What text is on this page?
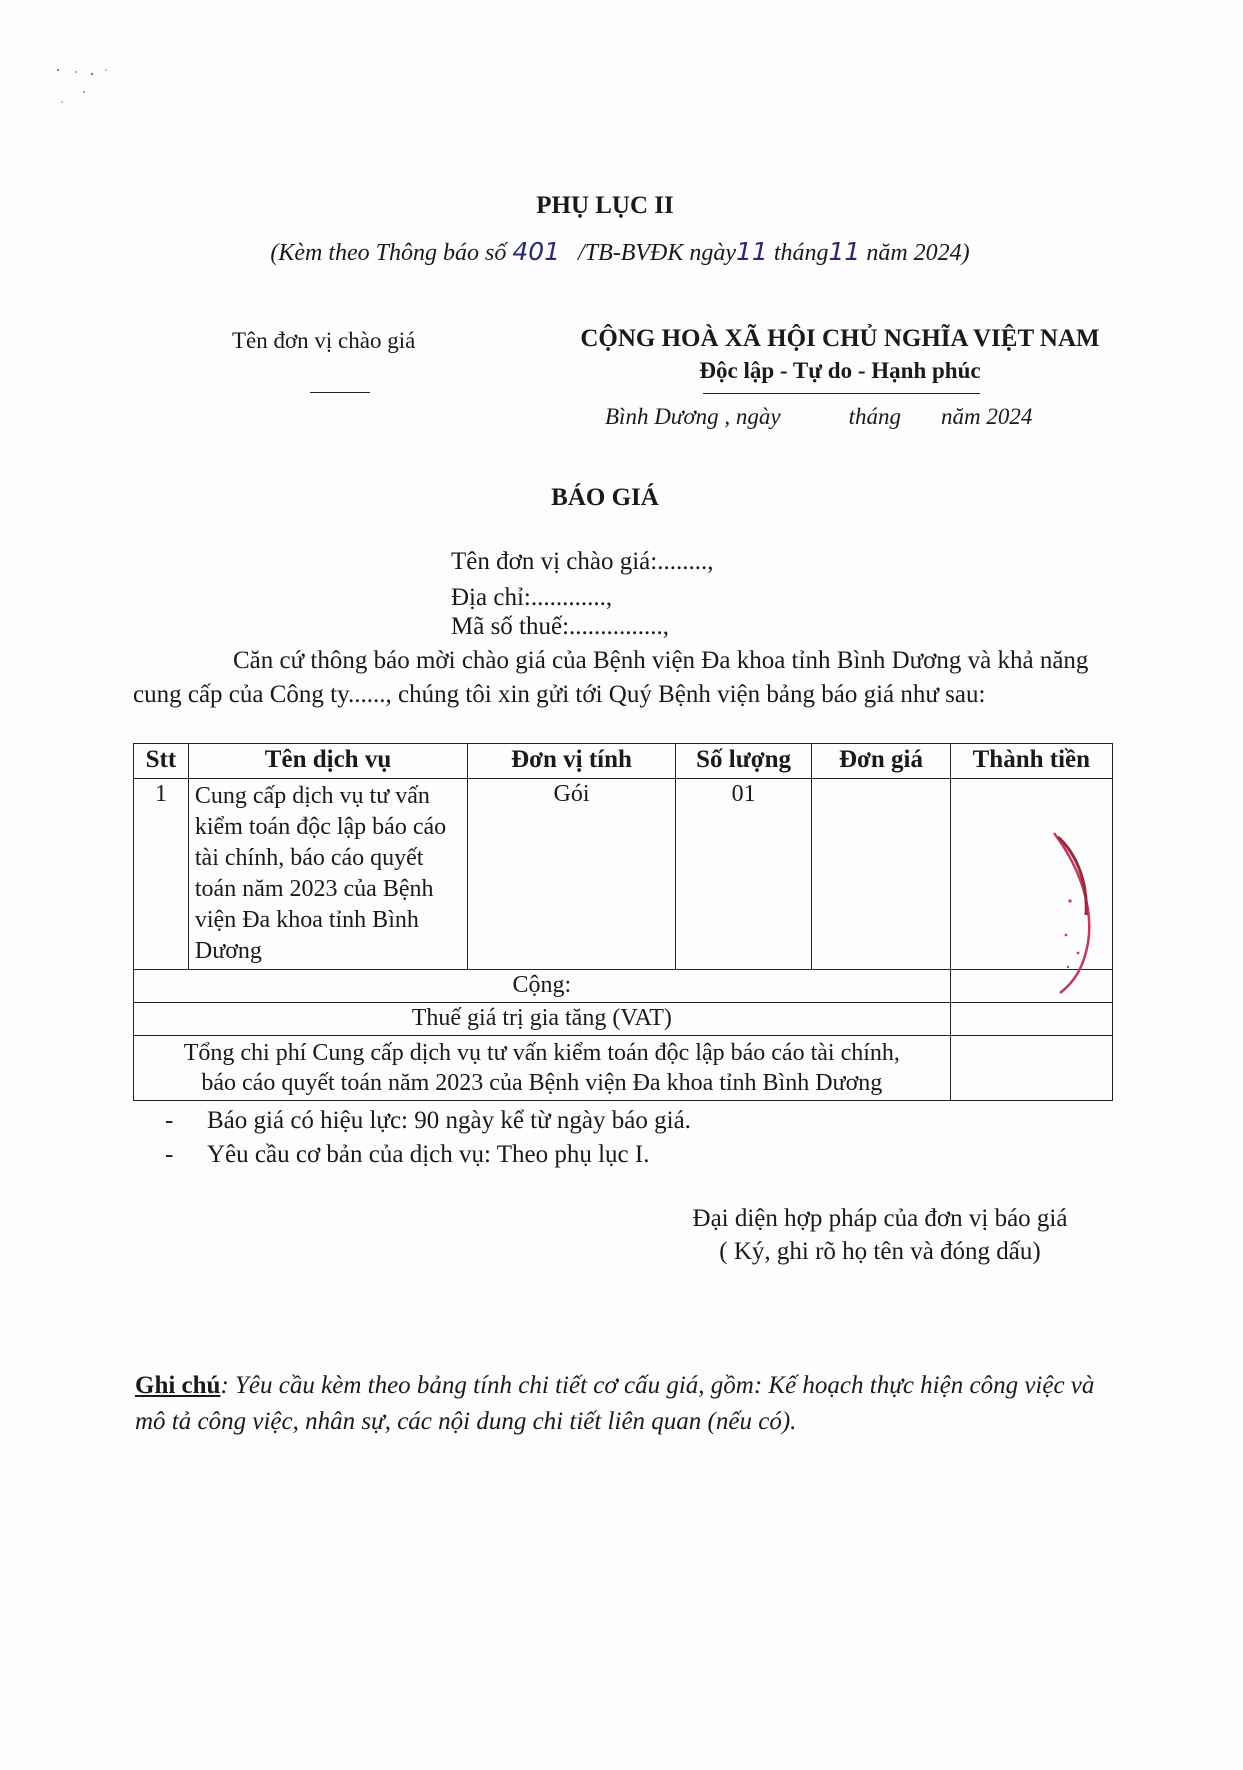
PHỤ LỤC II
(Kèm theo Thông báo số 401 /TB-BVĐK ngày11 tháng11 năm 2024)
Tên đơn vị chào giá	CỘNG HOÀ XÃ HỘI CHỦ NGHĨA VIỆT NAM
Độc lập - Tự do - Hạnh phúc
Bình Dương , ngày	tháng năm 2024
BÁO GIÁ
Tên đơn vị chào giá:........,
Địa chỉ:............,
Mã số thuế:...............,
Căn cứ thông báo mời chào giá của Bệnh viện Đa khoa tỉnh Bình Dương và khả năng cung cấp của Công ty......, chúng tôi xin gửi tới Quý Bệnh viện bảng báo giá như sau:
Stt	Tên dịch vụ	Đơn vị tính	Số lượng	Đơn giá	Thành tiền
1	Cung cấp dịch vụ tư vấn kiểm toán độc lập báo cáo tài chính, báo cáo quyết toán năm 2023 của Bệnh viện Đa khoa tỉnh Bình Dương	Gói	01		
Cộng:					
Thuế giá trị gia tăng (VAT)					
Tổng chi phí Cung cấp dịch vụ tư vấn kiểm toán độc lập báo cáo tài chính,
báo cáo quyết toán năm 2023 của Bệnh viện Đa khoa tỉnh Bình Dương					
- Báo giá có hiệu lực: 90 ngày kể từ ngày báo giá.
- Yêu cầu cơ bản của dịch vụ: Theo phụ lục I.
Đại diện hợp pháp của đơn vị báo giá
( Ký, ghi rõ họ tên và đóng dấu)
Ghi chú: Yêu cầu kèm theo bảng tính chi tiết cơ cấu giá, gồm: Kế hoạch thực hiện công việc và mô tả công việc, nhân sự, các nội dung chi tiết liên quan (nếu có).
